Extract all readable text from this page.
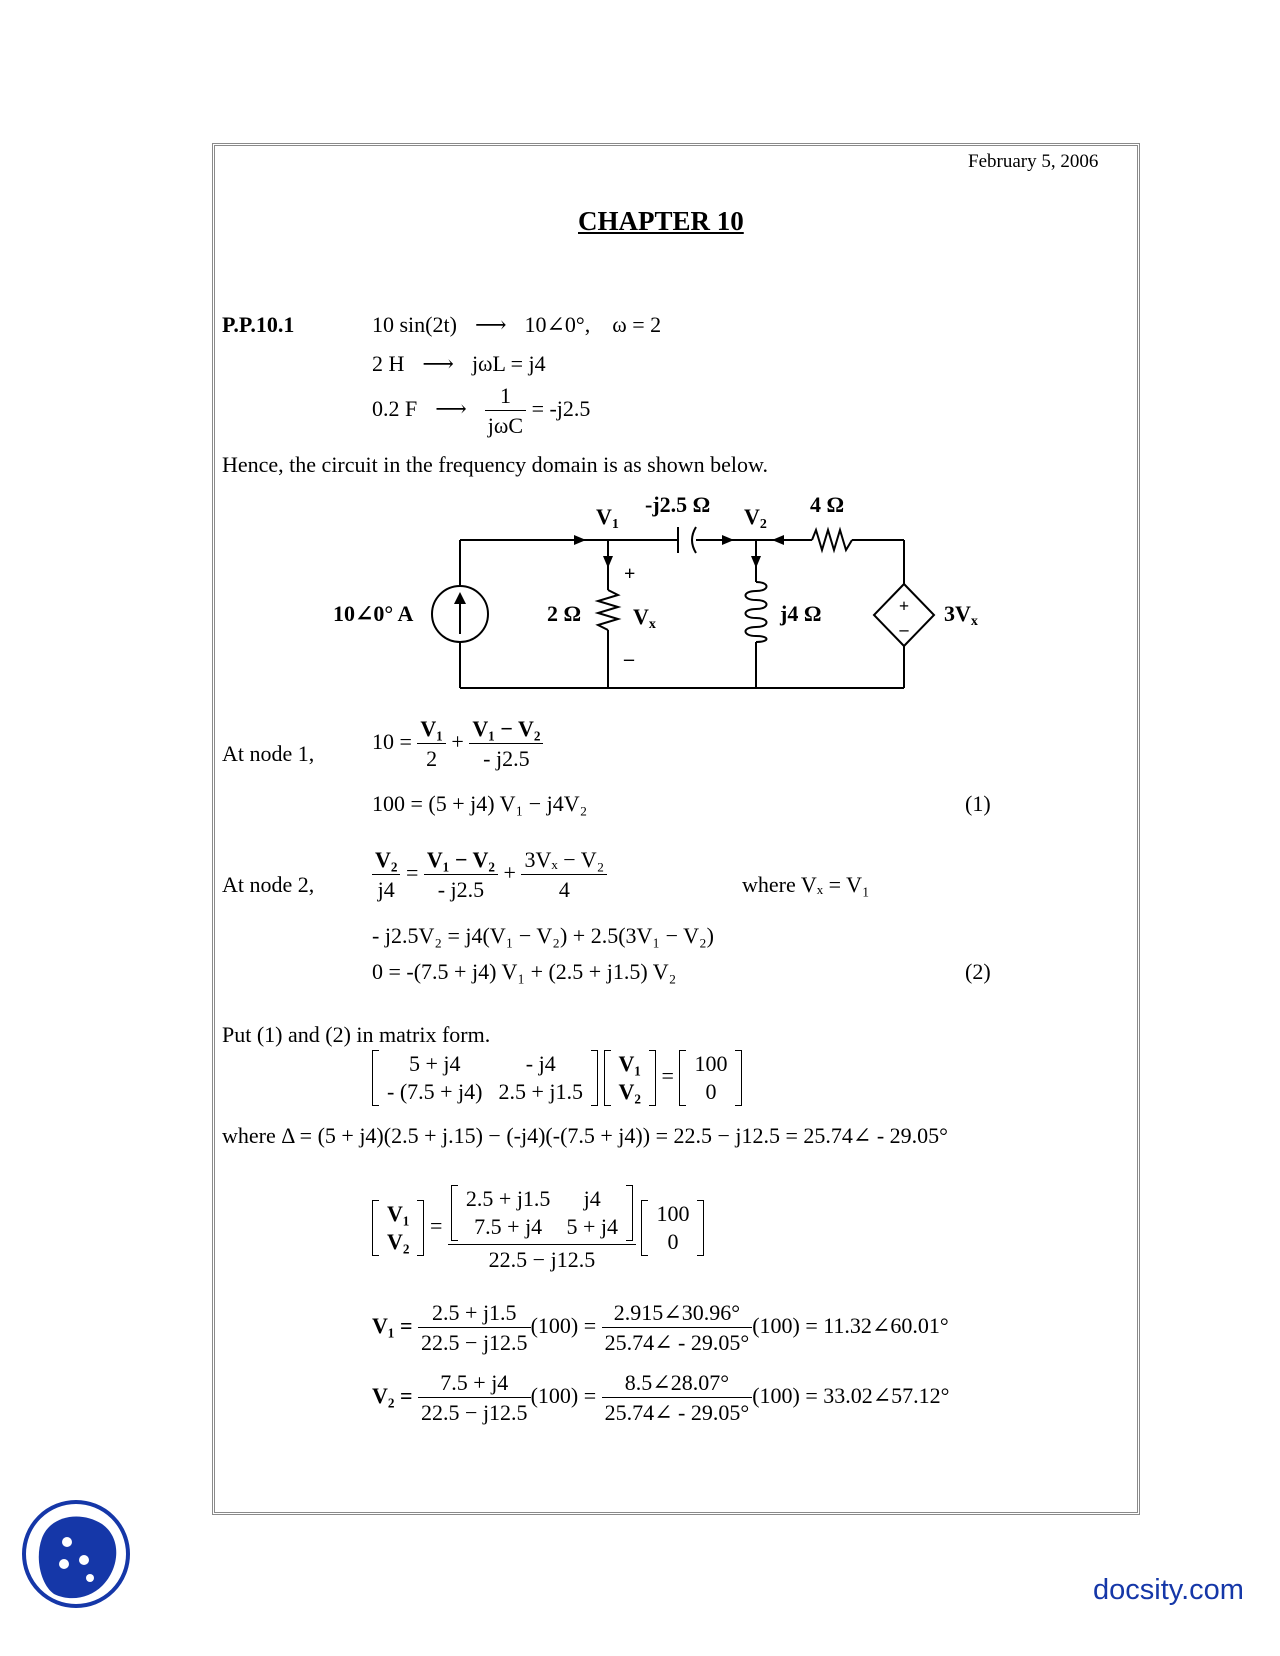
February 5, 2006
CHAPTER 10
P.P.10.1	10 sin(2t) ⟶ 10∠0°, ω = 2
2 H ⟶ jωL = j4
0.2 F ⟶ $\frac{1}{\text{jωC}} = -j2.5$
Hence, the circuit in the frequency domain is as shown below.
+
–
10∠0° A	2 Ω
+
–
Vx
-j2.5 Ω	4 Ω
j4 Ω
V1	V2
3Vx
At node 1,	$10 = \frac{\text{V₁}}{2} + \frac{\text{V₁ − V₂}}{- j2.5}$
100 = (5 + j4) V₁ − j4V₂	(1)
At node 2,	$\frac{\text{V₂}}{j4} = \frac{\text{V₁ − V₂}}{- j2.5} + \frac{\text{3Vₓ − V₂}}{4}$	where Vₓ = V₁
- j2.5V₂ = j4(V₁ − V₂) + 2.5(3V₁ − V₂)
0 = -(7.5 + j4) V₁ + (2.5 + j1.5) V₂	(2)
Put (1) and (2) in matrix form.
5 + j4	- j4
- (7.5 + j4)	2.5 + j1.5

V₁
V₂
= 100
0
where Δ = (5 + j4)(2.5 + j.15) − (-j4)(-(7.5 + j4)) = 22.5 − j12.5 = 25.74∠ - 29.05°
V₁
V₂
= 2.5 + j1.5	j4
7.5 + j4	5 + j4
22.5 − j12.5
100
0
$V_1 = \frac{2.5 + j1.5}{22.5 - j12.5} (100) = \frac{2.915\angle 30.96^\circ}{25.74\angle - 29.05^\circ} (100)$ = 11.32∠60.01°
$V_2 = \frac{7.5 + j4}{22.5 - j12.5} (100) = \frac{8.5\angle 28.07^\circ}{25.74\angle - 29.05^\circ} (100)$ = 33.02∠57.12°
docsity.com
